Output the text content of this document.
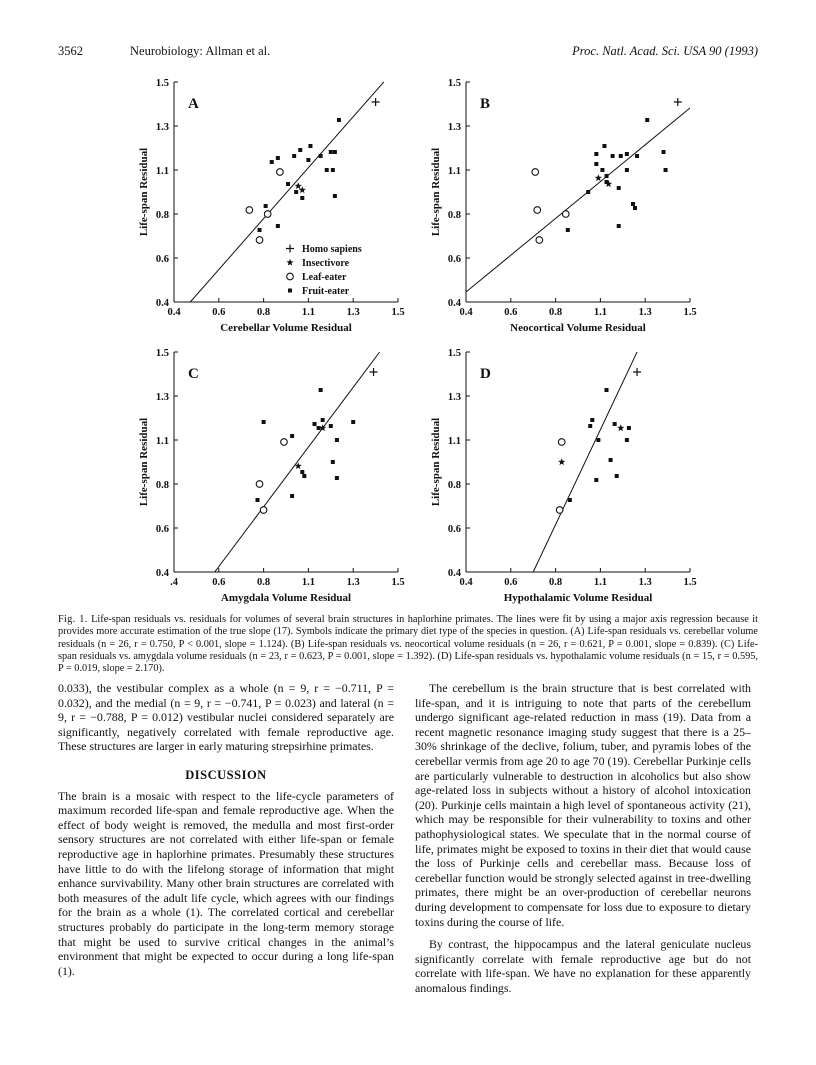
3562	Neurobiology: Allman et al.	Proc. Natl. Acad. Sci. USA 90 (1993)
0.4	0.6	0.8	1.1	1.3	1.5
1.5
1.3
1.1
0.8
0.6
0.4
Cerebellar Volume Residual
Life-span Residual
A
Homo sapiens
Insectivore
Leaf-eater
Fruit-eater
0.4	0.6	0.8	1.1	1.3	1.5
1.5
1.3
1.1
0.8
0.6
0.4
Neocortical Volume Residual
Life-span Residual
B
.4	0.6	0.8	1.1	1.3	1.5
1.5
1.3
1.1
0.8
0.6
0.4
Amygdala Volume Residual
Life-span Residual
C
0.4	0.6	0.8	1.1	1.3	1.5
1.5
1.3
1.1
0.8
0.6
0.4
Hypothalamic Volume Residual
Life-span Residual
D
Fig. 1. Life-span residuals vs. residuals for volumes of several brain structures in haplorhine primates. The lines were fit by using a major axis regression because it provides more accurate estimation of the true slope (17). Symbols indicate the primary diet type of the species in question. (A) Life-span residuals vs. cerebellar volume residuals (n = 26, r = 0.750, P < 0.001, slope = 1.124). (B) Life-span residuals vs. neocortical volume residuals (n = 26, r = 0.621, P = 0.001, slope = 0.839). (C) Life-span residuals vs. amygdala volume residuals (n = 23, r = 0.623, P = 0.001, slope = 1.392). (D) Life-span residuals vs. hypothalamic volume residuals (n = 15, r = 0.595, P = 0.019, slope = 2.170).

0.033), the vestibular complex as a whole (n = 9, r = −0.711, P = 0.032), and the medial (n = 9, r = −0.741, P = 0.023) and lateral (n = 9, r = −0.788, P = 0.012) vestibular nuclei considered separately are significantly, negatively correlated with female reproductive age. These structures are larger in early maturing strepsirhine primates.

DISCUSSION

The brain is a mosaic with respect to the life-cycle parameters of maximum recorded life-span and female reproductive age. When the effect of body weight is removed, the medulla and most first-order sensory structures are not correlated with either life-span or female reproductive age in haplorhine primates. Presumably these structures have little to do with the lifelong storage of information that might enhance survivability. Many other brain structures are correlated with both measures of the adult life cycle, which agrees with our findings for the brain as a whole (1). The correlated cortical and cerebellar structures probably do participate in the long-term memory storage that might be used to survive critical changes in the animal’s environment that might be expected to occur during a long life-span (1).

The cerebellum is the brain structure that is best correlated with life-span, and it is intriguing to note that parts of the cerebellum undergo significant age-related reduction in mass (19). Data from a recent magnetic resonance imaging study suggest that there is a 25–30% shrinkage of the declive, folium, tuber, and pyramis lobes of the cerebellar vermis from age 20 to age 70 (19). Cerebellar Purkinje cells are particularly vulnerable to destruction in alcoholics but also show age-related loss in subjects without a history of alcohol intoxication (20). Purkinje cells maintain a high level of spontaneous activity (21), which may be responsible for their vulnerability to toxins and other pathophysiological states. We speculate that in the normal course of life, primates might be exposed to toxins in their diet that would cause the loss of Purkinje cells and cerebellar mass. Because loss of cerebellar function would be strongly selected against in tree-dwelling primates, there might be an over-production of cerebellar neurons during development to compensate for loss due to exposure to dietary toxins during the course of life.

By contrast, the hippocampus and the lateral geniculate nucleus significantly correlate with female reproductive age but do not correlate with life-span. We have no explanation for these apparently anomalous findings.
